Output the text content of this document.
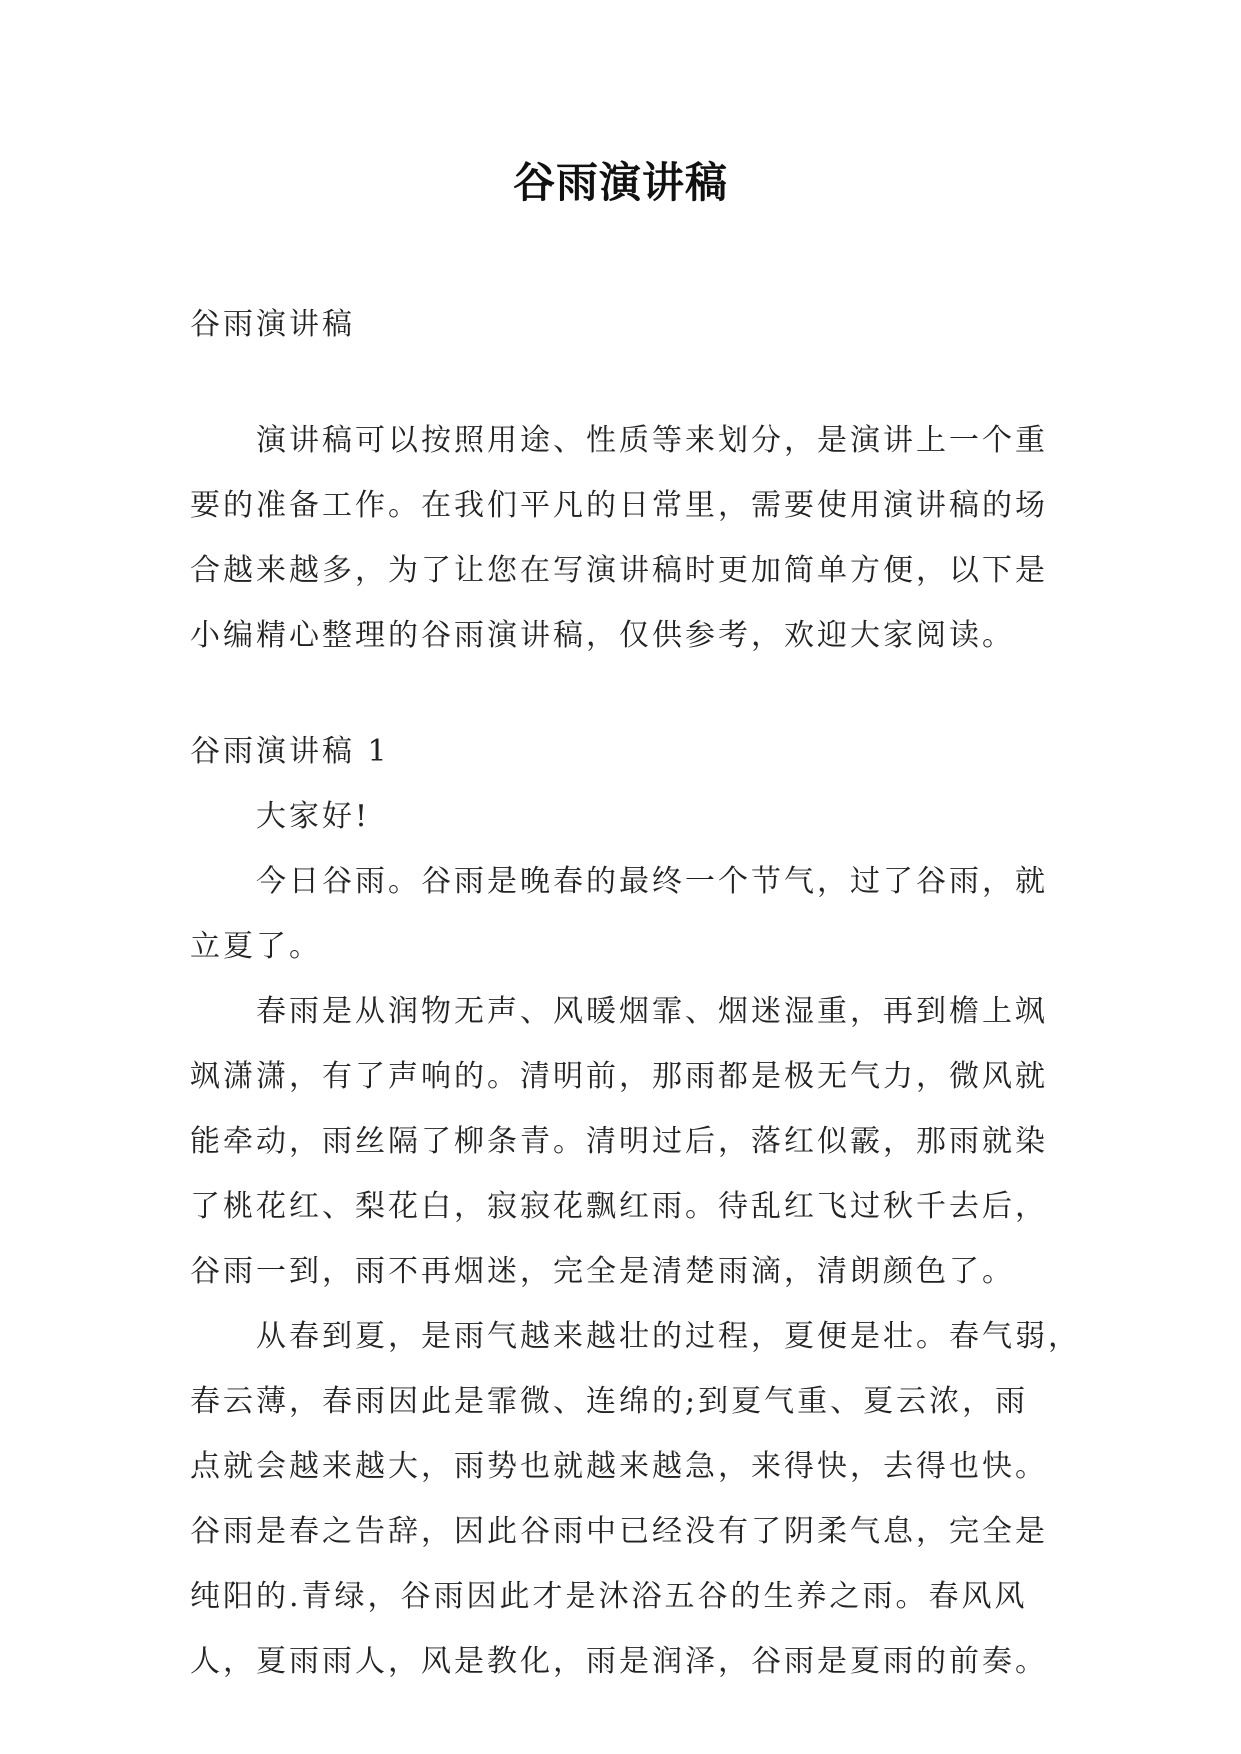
谷雨演讲稿
谷雨演讲稿
演讲稿可以按照用途、性质等来划分，是演讲上一个重
要的准备工作。在我们平凡的日常里，需要使用演讲稿的场
合越来越多，为了让您在写演讲稿时更加简单方便，以下是
小编精心整理的谷雨演讲稿，仅供参考，欢迎大家阅读。
谷雨演讲稿 1
大家好!
今日谷雨。谷雨是晚春的最终一个节气，过了谷雨，就
立夏了。
春雨是从润物无声、风暖烟霏、烟迷湿重，再到檐上飒
飒潇潇，有了声响的。清明前，那雨都是极无气力，微风就
能牵动，雨丝隔了柳条青。清明过后，落红似霰，那雨就染
了桃花红、梨花白，寂寂花飘红雨。待乱红飞过秋千去后，
谷雨一到，雨不再烟迷，完全是清楚雨滴，清朗颜色了。
从春到夏，是雨气越来越壮的过程，夏便是壮。春气弱，
春云薄，春雨因此是霏微、连绵的;到夏气重、夏云浓，雨
点就会越来越大，雨势也就越来越急，来得快，去得也快。
谷雨是春之告辞，因此谷雨中已经没有了阴柔气息，完全是
纯阳的.青绿，谷雨因此才是沐浴五谷的生养之雨。春风风
人，夏雨雨人，风是教化，雨是润泽，谷雨是夏雨的前奏。
